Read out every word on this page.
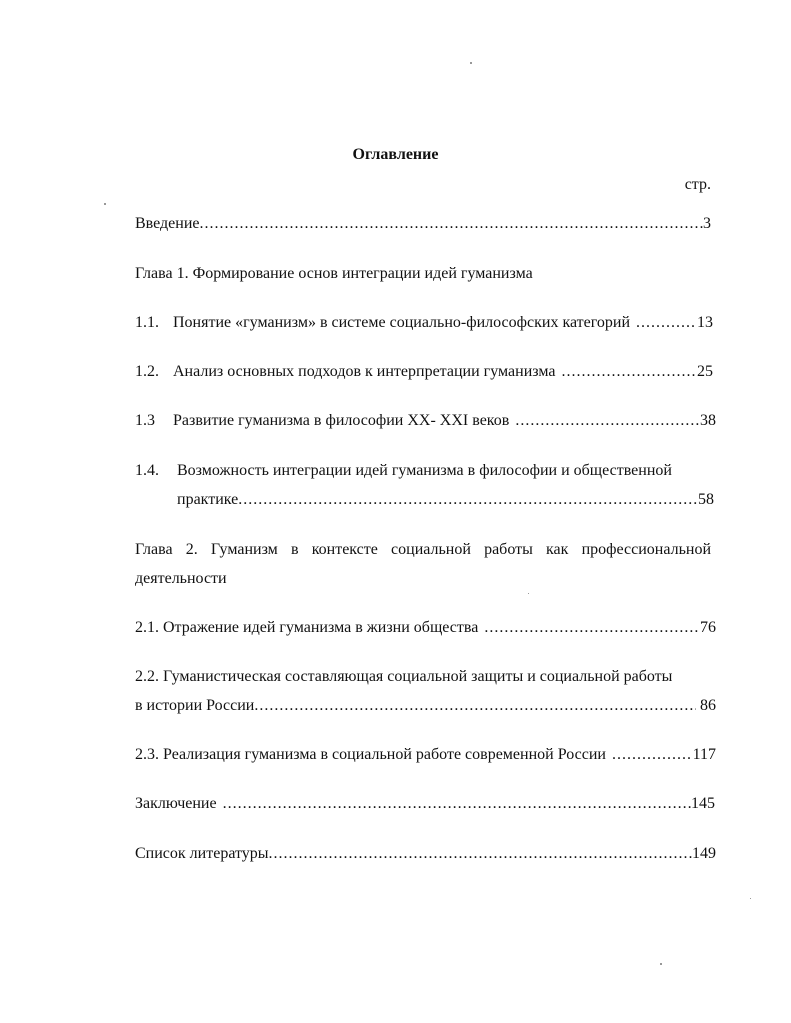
Оглавление
стр.
Введение .....	3
Глава 1. Формирование основ интеграции идей гуманизма
1.1. Понятие «гуманизм» в системе социально-философских категорий .....	13
1.2. Анализ основных подходов к интерпретации гуманизма .....	25
1.3	Развитие гуманизма в философии XX- XXI веков .....	38
1.4. Возможность интеграции идей гуманизма в философии и общественной
практике .....	58
Глава 2. Гуманизм в контексте социальной работы как профессиональной
деятельности
2.1. Отражение идей гуманизма в жизни общества .....	76
2.2. Гуманистическая составляющая социальной защиты и социальной работы
в истории России .....	86
2.3. Реализация гуманизма в социальной работе современной России .....	117
Заключение .....	145
Список литературы .....	149
